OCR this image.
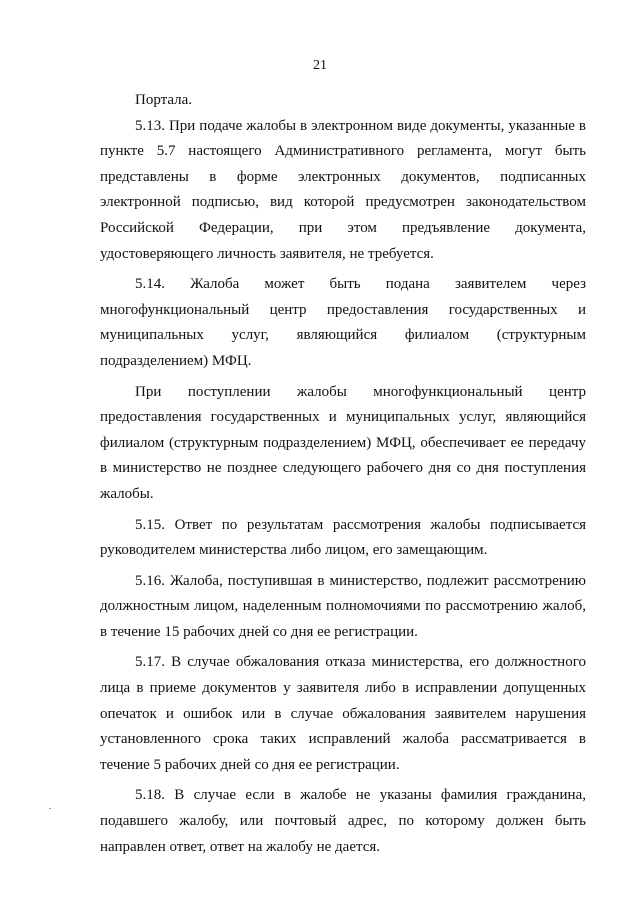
21

Портала.

5.13. При подаче жалобы в электронном виде документы, указанные в пункте 5.7 настоящего Административного регламента, могут быть представлены в форме электронных документов, подписанных электронной подписью, вид которой предусмотрен законодательством Российской Федерации, при этом предъявление документа, удостоверяющего личность заявителя, не требуется.

5.14. Жалоба может быть подана заявителем через многофункциональный центр предоставления государственных и муниципальных услуг, являющийся филиалом (структурным подразделением) МФЦ.

При поступлении жалобы многофункциональный центр предоставления государственных и муниципальных услуг, являющийся филиалом (структурным подразделением) МФЦ, обеспечивает ее передачу в министерство не позднее следующего рабочего дня со дня поступления жалобы.

5.15. Ответ по результатам рассмотрения жалобы подписывается руководителем министерства либо лицом, его замещающим.

5.16. Жалоба, поступившая в министерство, подлежит рассмотрению должностным лицом, наделенным полномочиями по рассмотрению жалоб, в течение 15 рабочих дней со дня ее регистрации.

5.17. В случае обжалования отказа министерства, его должностного лица в приеме документов у заявителя либо в исправлении допущенных опечаток и ошибок или в случае обжалования заявителем нарушения установленного срока таких исправлений жалоба рассматривается в течение 5 рабочих дней со дня ее регистрации.

5.18. В случае если в жалобе не указаны фамилия гражданина, подавшего жалобу, или почтовый адрес, по которому должен быть направлен ответ, ответ на жалобу не дается.
